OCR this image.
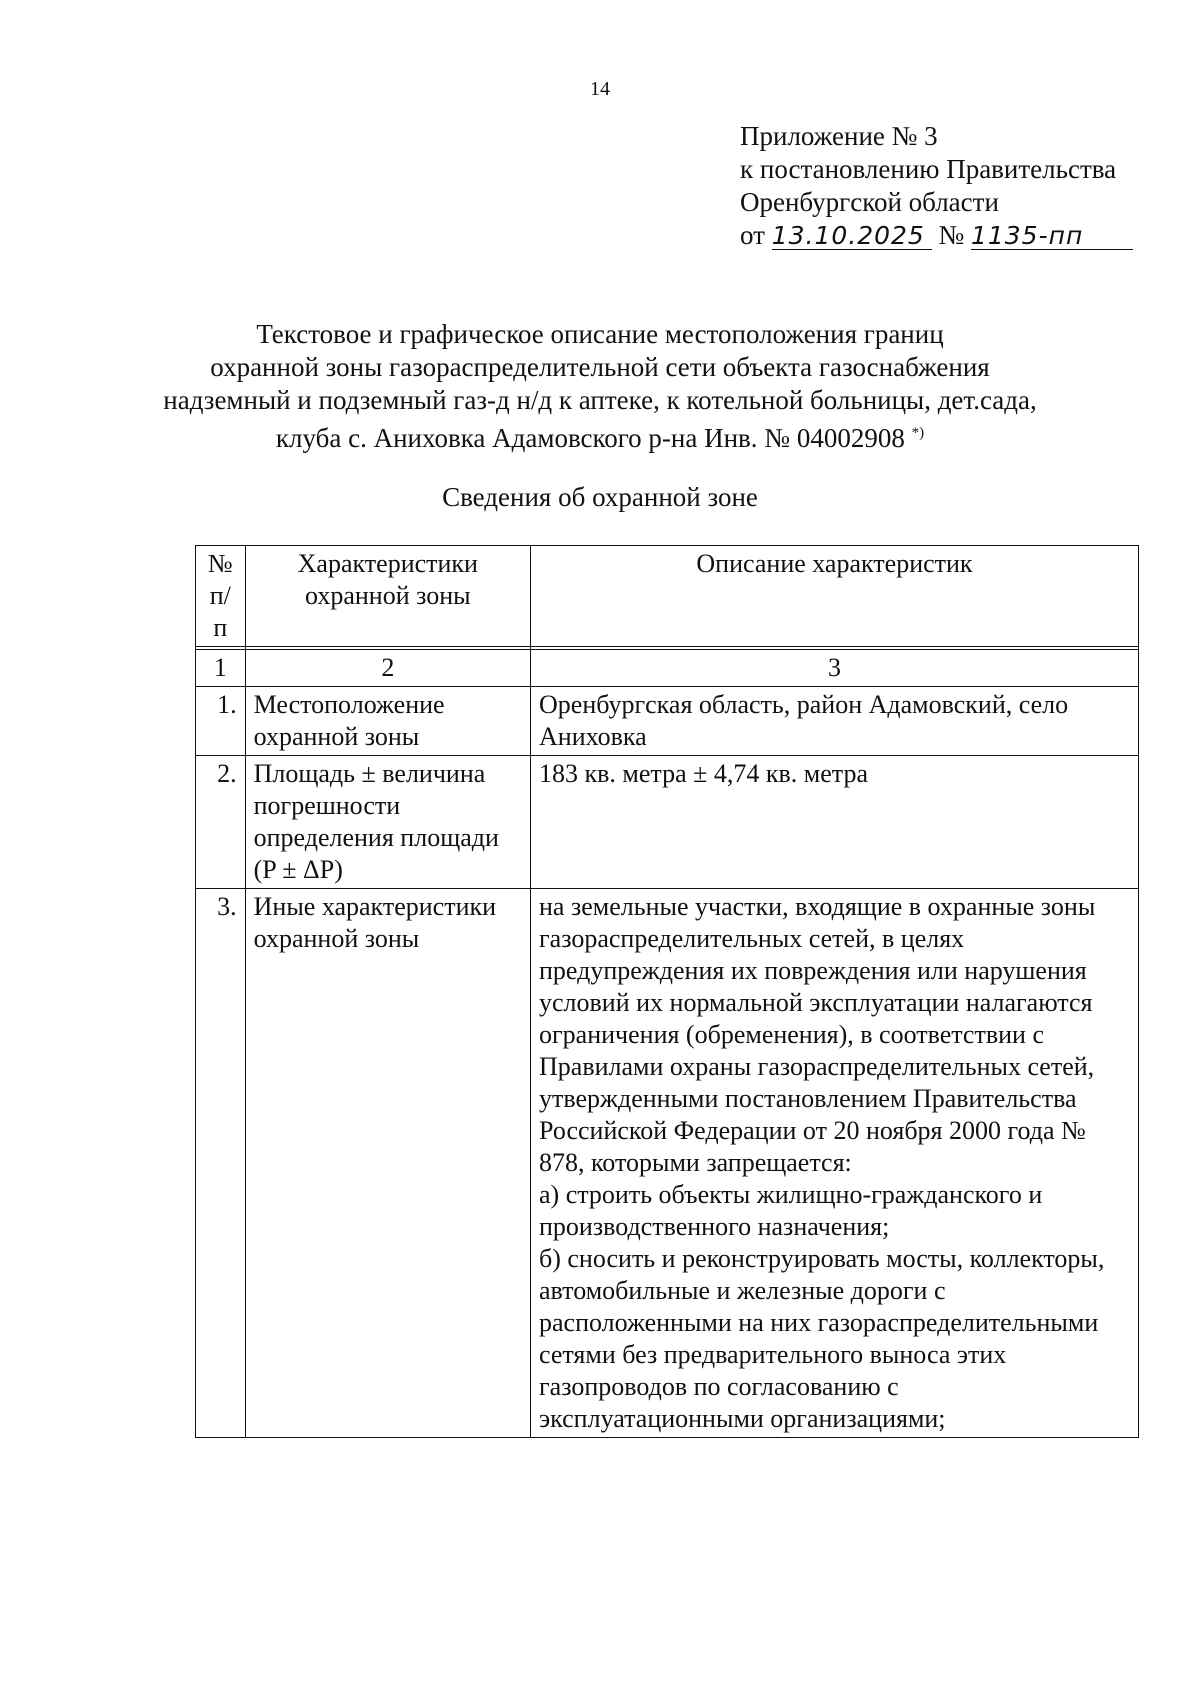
14
Приложение № 3
к постановлению Правительства
Оренбургской области
от 13.10.2025 № 1135-пп
Текстовое и графическое описание местоположения границ
охранной зоны газораспределительной сети объекта газоснабжения
надземный и подземный газ-д н/д к аптеке, к котельной больницы, дет.сада,
клуба с. Аниховка Адамовского р-на Инв. № 04002908 *)
Сведения об охранной зоне
№ п/п	Характеристики охранной зоны	Описание характеристик

1	2	3
1.	Местоположение охранной зоны	Оренбургская область, район Адамовский, село Аниховка
2.	Площадь ± величина погрешности определения площади (P ± ΔP)	183 кв. метра ± 4,74 кв. метра
3.	Иные характеристики охранной зоны	на земельные участки, входящие в охранные зоны газораспределительных сетей, в целях предупреждения их повреждения или нарушения условий их нормальной эксплуатации налагаются ограничения (обременения), в соответствии с Правилами охраны газораспределительных сетей, утвержденными постановлением Правительства Российской Федерации от 20 ноября 2000 года № 878, которыми запрещается:
а) строить объекты жилищно-гражданского и производственного назначения;
б) сносить и реконструировать мосты, коллекторы, автомобильные и железные дороги с расположенными на них газораспределительными сетями без предварительного выноса этих газопроводов по согласованию с эксплуатационными организациями;
